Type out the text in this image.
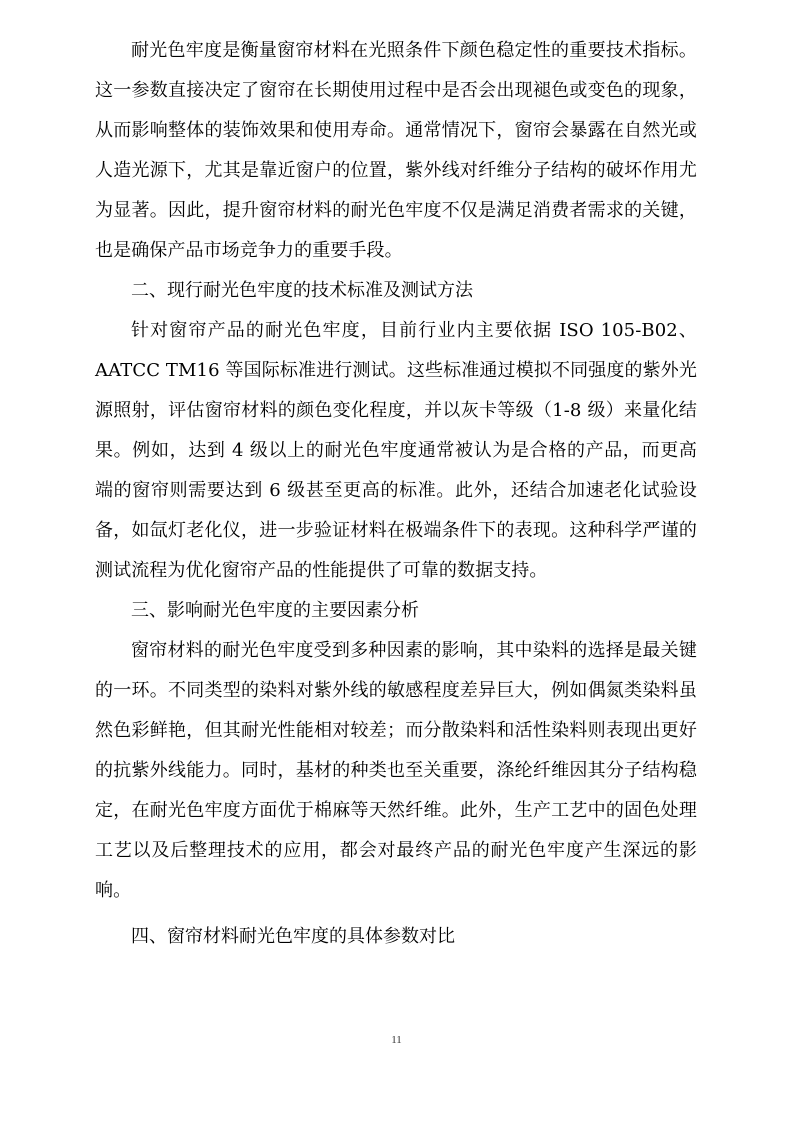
耐光色牢度是衡量窗帘材料在光照条件下颜色稳定性的重要技术指标。这一参数直接决定了窗帘在长期使用过程中是否会出现褪色或变色的现象，从而影响整体的装饰效果和使用寿命。通常情况下，窗帘会暴露在自然光或人造光源下，尤其是靠近窗户的位置，紫外线对纤维分子结构的破坏作用尤为显著。因此，提升窗帘材料的耐光色牢度不仅是满足消费者需求的关键，也是确保产品市场竞争力的重要手段。

二、现行耐光色牢度的技术标准及测试方法

针对窗帘产品的耐光色牢度，目前行业内主要依据 ISO 105-B02、AATCC TM16 等国际标准进行测试。这些标准通过模拟不同强度的紫外光源照射，评估窗帘材料的颜色变化程度，并以灰卡等级（1-8 级）来量化结果。例如，达到 4 级以上的耐光色牢度通常被认为是合格的产品，而更高端的窗帘则需要达到 6 级甚至更高的标准。此外，还结合加速老化试验设备，如氙灯老化仪，进一步验证材料在极端条件下的表现。这种科学严谨的测试流程为优化窗帘产品的性能提供了可靠的数据支持。

三、影响耐光色牢度的主要因素分析

窗帘材料的耐光色牢度受到多种因素的影响，其中染料的选择是最关键的一环。不同类型的染料对紫外线的敏感程度差异巨大，例如偶氮类染料虽然色彩鲜艳，但其耐光性能相对较差；而分散染料和活性染料则表现出更好的抗紫外线能力。同时，基材的种类也至关重要，涤纶纤维因其分子结构稳定，在耐光色牢度方面优于棉麻等天然纤维。此外，生产工艺中的固色处理工艺以及后整理技术的应用，都会对最终产品的耐光色牢度产生深远的影响。

四、窗帘材料耐光色牢度的具体参数对比

11
